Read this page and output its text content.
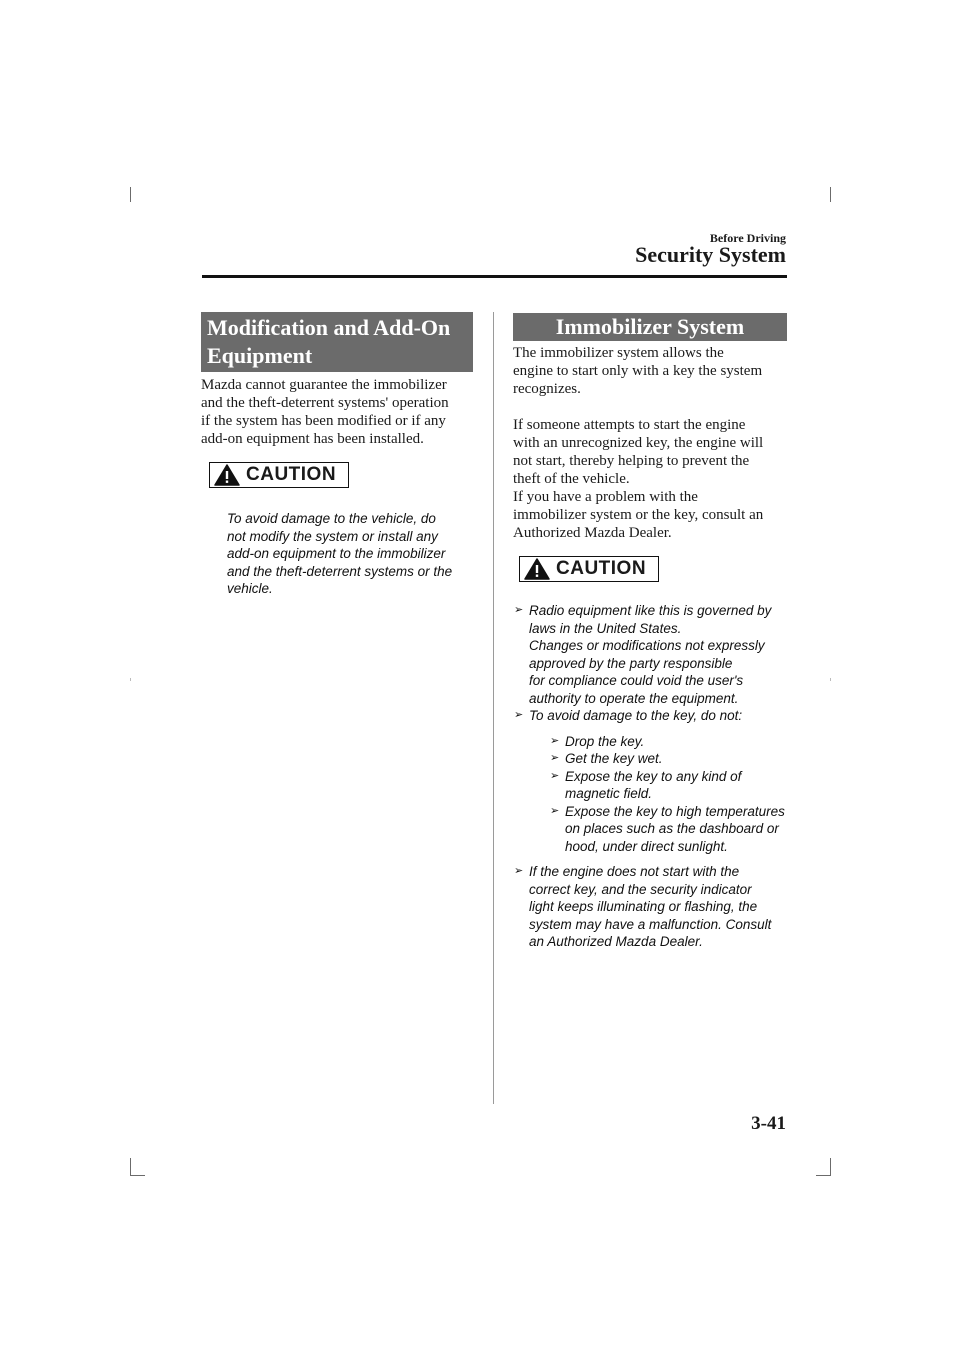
Before Driving
Security System
Modification and Add-On
Equipment
Mazda cannot guarantee the immobilizer
and the theft-deterrent systems' operation
if the system has been modified or if any
add-on equipment has been installed.
CAUTION
To avoid damage to the vehicle, do
not modify the system or install any
add-on equipment to the immobilizer
and the theft-deterrent systems or the
vehicle.
Immobilizer System
The immobilizer system allows the
engine to start only with a key the system
recognizes.
If someone attempts to start the engine
with an unrecognized key, the engine will
not start, thereby helping to prevent the
theft of the vehicle.
If you have a problem with the
immobilizer system or the key, consult an
Authorized Mazda Dealer.
CAUTION
➢ Radio equipment like this is governed by
laws in the United States.
Changes or modifications not expressly
approved by the party responsible
for compliance could void the user's
authority to operate the equipment.
➢ To avoid damage to the key, do not:
➢ Drop the key.
➢ Get the key wet.
➢ Expose the key to any kind of
magnetic field.
➢ Expose the key to high temperatures
on places such as the dashboard or
hood, under direct sunlight.
➢ If the engine does not start with the
correct key, and the security indicator
light keeps illuminating or flashing, the
system may have a malfunction. Consult
an Authorized Mazda Dealer.
3-41
